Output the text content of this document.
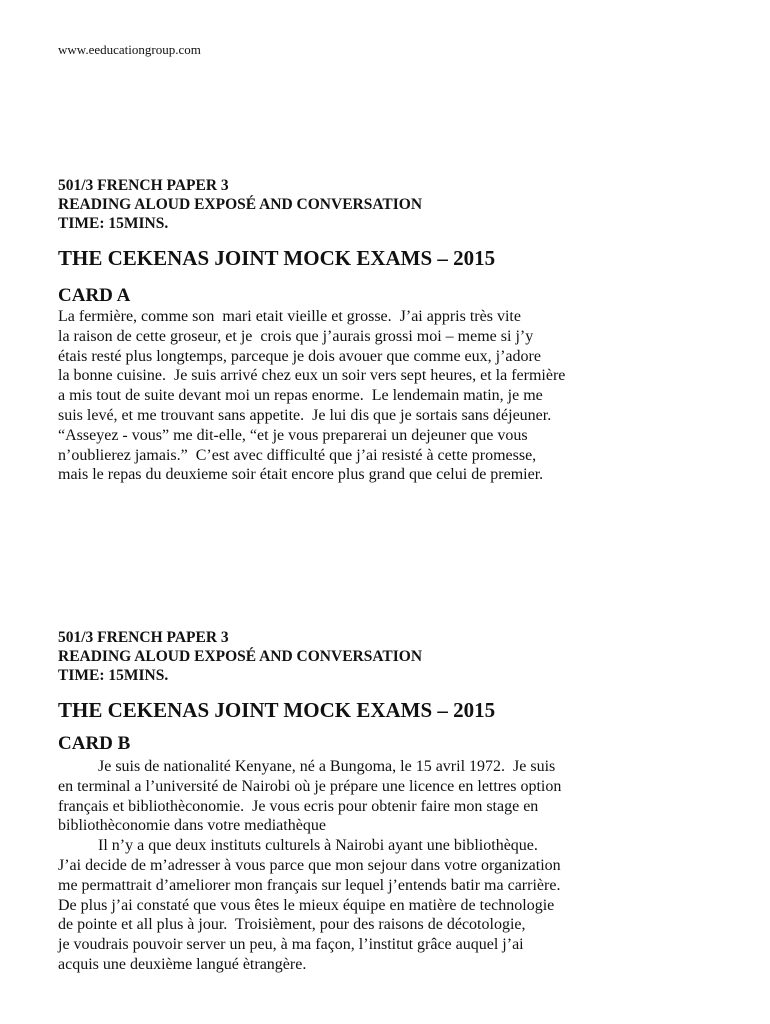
www.eeducationgroup.com
501/3 FRENCH PAPER 3
READING ALOUD EXPOSÉ AND CONVERSATION
TIME: 15MINS.
THE CEKENAS JOINT MOCK EXAMS – 2015
CARD A

La fermière, comme son  mari etait vieille et grosse.  J’ai appris très vite
la raison de cette groseur, et je  crois que j’aurais grossi moi – meme si j’y
étais resté plus longtemps, parceque je dois avouer que comme eux, j’adore
la bonne cuisine.  Je suis arrivé chez eux un soir vers sept heures, et la fermière
a mis tout de suite devant moi un repas enorme.  Le lendemain matin, je me
suis levé, et me trouvant sans appetite.  Je lui dis que je sortais sans déjeuner.
“Asseyez - vous” me dit-elle, “et je vous preparerai un dejeuner que vous
n’oublierez jamais.”  C’est avec difficulté que j’ai resisté à cette promesse,
mais le repas du deuxieme soir était encore plus grand que celui de premier.

501/3 FRENCH PAPER 3
READING ALOUD EXPOSÉ AND CONVERSATION
TIME: 15MINS.
THE CEKENAS JOINT MOCK EXAMS – 2015
CARD B

Je suis de nationalité Kenyane, né a Bungoma, le 15 avril 1972.  Je suis
en terminal a l’université de Nairobi où je prépare une licence en lettres option
français et bibliothèconomie.  Je vous ecris pour obtenir faire mon stage en
bibliothèconomie dans votre mediathèque
Il n’y a que deux instituts culturels à Nairobi ayant une bibliothèque.
J’ai decide de m’adresser à vous parce que mon sejour dans votre organization
me permattrait d’ameliorer mon français sur lequel j’entends batir ma carrière.
De plus j’ai constaté que vous êtes le mieux équipe en matière de technologie
de pointe et all plus à jour.  Troisièment, pour des raisons de décotologie,
je voudrais pouvoir server un peu, à ma façon, l’institut grâce auquel j’ai
acquis une deuxième langué ètrangère.
